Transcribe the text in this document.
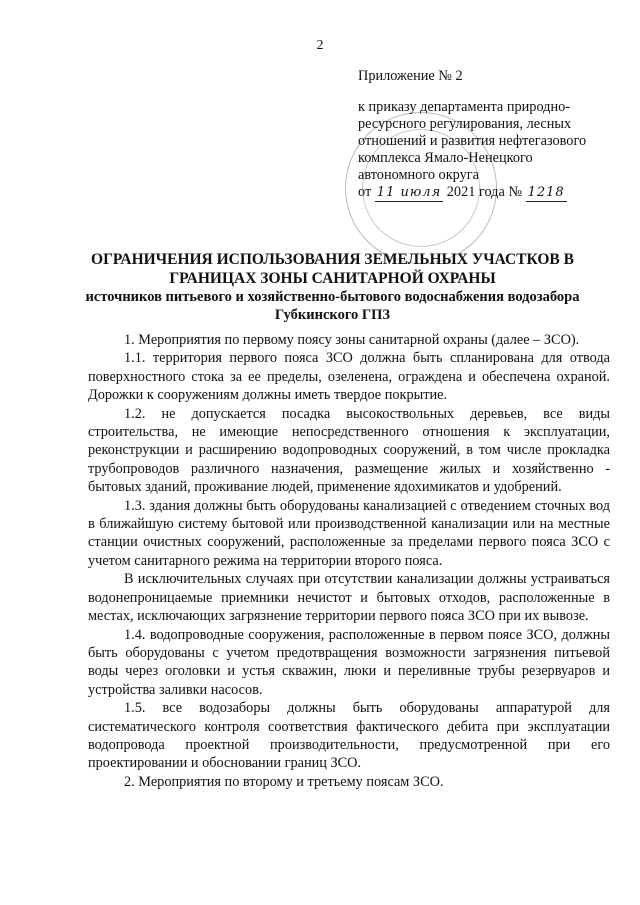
2
Приложение № 2
к приказу департамента природно-
ресурсного регулирования, лесных
отношений и развития нефтегазового
комплекса Ямало-Ненецкого
автономного округа
от 11 июля 2021 года № 1218
ОГРАНИЧЕНИЯ ИСПОЛЬЗОВАНИЯ ЗЕМЕЛЬНЫХ УЧАСТКОВ В ГРАНИЦАХ ЗОНЫ САНИТАРНОЙ ОХРАНЫ
источников питьевого и хозяйственно-бытового водоснабжения водозабора Губкинского ГПЗ

1. Мероприятия по первому поясу зоны санитарной охраны (далее – ЗСО).

1.1. территория первого пояса ЗСО должна быть спланирована для отвода поверхностного стока за ее пределы, озеленена, ограждена и обеспечена охраной. Дорожки к сооружениям должны иметь твердое покрытие.

1.2. не допускается посадка высокоствольных деревьев, все виды строительства, не имеющие непосредственного отношения к эксплуатации, реконструкции и расширению водопроводных сооружений, в том числе прокладка трубопроводов различного назначения, размещение жилых и хозяйственно - бытовых зданий, проживание людей, применение ядохимикатов и удобрений.

1.3. здания должны быть оборудованы канализацией с отведением сточных вод в ближайшую систему бытовой или производственной канализации или на местные станции очистных сооружений, расположенные за пределами первого пояса ЗСО с учетом санитарного режима на территории второго пояса.

В исключительных случаях при отсутствии канализации должны устраиваться водонепроницаемые приемники нечистот и бытовых отходов, расположенные в местах, исключающих загрязнение территории первого пояса ЗСО при их вывозе.

1.4. водопроводные сооружения, расположенные в первом поясе ЗСО, должны быть оборудованы с учетом предотвращения возможности загрязнения питьевой воды через оголовки и устья скважин, люки и переливные трубы резервуаров и устройства заливки насосов.

1.5. все водозаборы должны быть оборудованы аппаратурой для систематического контроля соответствия фактического дебита при эксплуатации водопровода проектной производительности, предусмотренной при его проектировании и обосновании границ ЗСО.

2. Мероприятия по второму и третьему поясам ЗСО.
